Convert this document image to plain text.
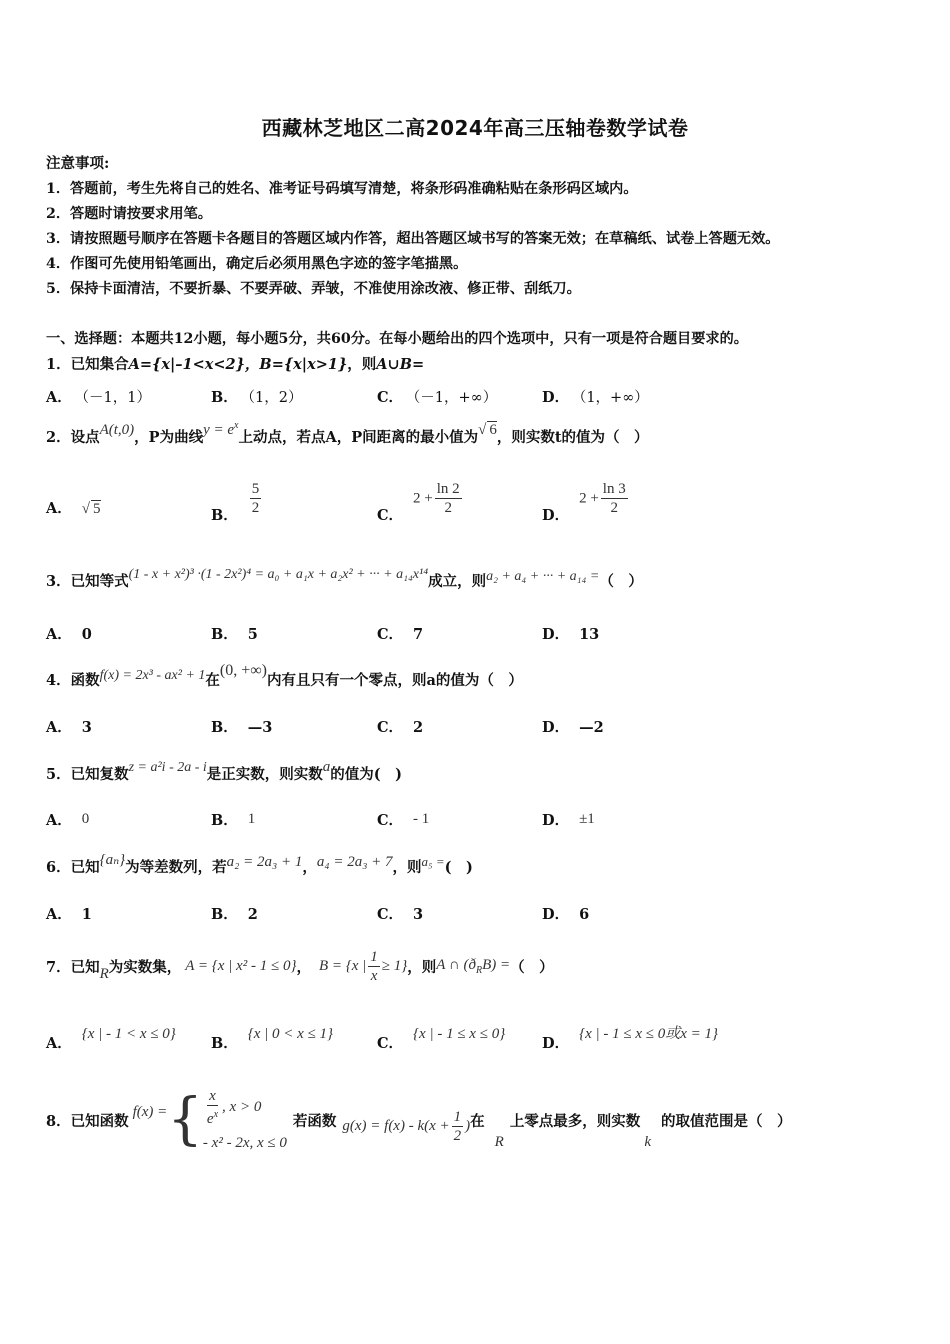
西藏林芝地区二高2024年高三压轴卷数学试卷
注意事项:
1．答题前，考生先将自己的姓名、准考证号码填写清楚，将条形码准确粘贴在条形码区域内。
2．答题时请按要求用笔。
3．请按照题号顺序在答题卡各题目的答题区域内作答，超出答题区域书写的答案无效；在草稿纸、试卷上答题无效。
4．作图可先使用铅笔画出，确定后必须用黑色字迹的签字笔描黑。
5．保持卡面清洁，不要折暴、不要弄破、弄皱，不准使用涂改液、修正带、刮纸刀。
一、选择题：本题共12小题，每小题5分，共60分。在每小题给出的四个选项中，只有一项是符合题目要求的。
1．已知集合A={x|–1<x<2}，B={x|x>1}，则A∪B=
A． （－1，1）	B． （1，2）	C． （－1，+∞）	D． （1，+∞）
2．设点A(t,0)，P为曲线$y = e^x$上动点，若点A，P间距离的最小值为√ 6，则实数t的值为（　）
A． √ 5	B． $\frac{5}{2}$	C．$2 + \frac{\ln 2}{2}$	D．$2 + \frac{\ln 3}{2}$
3．已知等式(1 - x + x²)³ ·(1 - 2x²)⁴ = a₀ + a₁x + a₂x² + ··· + a₁₄x¹⁴成立，则a₂ + a₄ + ··· + a₁₄ =（　）
A． 0	B． 5	C． 7	D． 13
4．函数f(x) = 2x³ - ax² + 1在(0, +∞)内有且只有一个零点，则a的值为（　）
A． 3	B． —3	C． 2	D． —2
5．已知复数z = a²i - 2a - i是正实数，则实数a的值为(　)
A． 0	B． 1	C． - 1	D． ±1
6．已知{aₙ}为等差数列，若a₂ = 2a₃ + 1，a₄ = 2a₃ + 7，则a₅ =(　)
A． 1	B． 2	C． 3	D． 6
7．已知 R 为实数集， A = {x | x² - 1 ≤ 0} ， B = {x | $\frac{1}{x} \ge 1$} ，则 A ∩ $(ð_RB)$ = （　）
A．{x | - 1 < x ≤ 0}
B．{x | 0 < x ≤ 1}
C．{x | - 1 ≤ x ≤ 0}
D．{x | - 1 ≤ x ≤ 0或x = 1}
8．已知函数
f(x) = { $\frac{x}{e^x}$ , x > 0
- x² - 2x, x ≤ 0
若函数 $g(x) = f(x) - k(x + \frac{1}{2}$ ) 在
R
上零点最多，则实数
k
的取值范围是（　）
